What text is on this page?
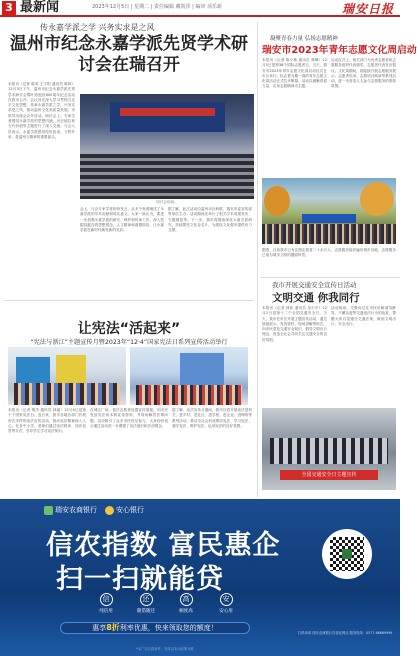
3 最新闻	2023年12月5日 | 星期二 | 责任编辑 戴凯彤 | 编审 项乐新	瑞安日报
传永嘉学派之学 兴务实求是之风
温州市纪念永嘉学派先贤学术研讨会在瑞召开
本报讯（记者 陈英 王宇阳 通讯员 陈炜）12月3日下午，温州市纪念永嘉学派先贤学术研讨会暨叶适逝世800周年纪念活动在我市召开。会议旨在深入学习贯彻习近平文化思想，传承永嘉学派之学，兴务实求是之风，推动温州文化高质量发展。市领导出席会议并讲话。研讨会上，专家学者围绕永嘉学派的思想内涵、历史地位和当代价值等主题进行了深入交流。与会人员表示，永嘉学派倡导经世致用、义利并举，是温州人精神的重要源头。
研讨会现场。
会上，与会专家学者纷纷发言，从多个角度阐述了永嘉学派的学术贡献和现实意义。大家一致认为，要进一步加强永嘉学派的研究、保护和传承工作，深入挖掘其蕴含的思想观念、人文精神和道德规范，让永嘉学派在新时代焕发新的光彩。
据了解，此次活动由温州市社科联、瑞安市委宣传部等单位主办。活动期间还举行了相关学术成果发布、专题展览等。下一步，我市将继续深化永嘉学派研究，持续擦亮文化金名片，为建设文化强市提供有力支撑。
凝聚青春力量 弘扬志愿精神
瑞安市2023年青年志愿文化周启动
本报讯（记者 陈小敏 通讯员 林琳）12月5日是第38个国际志愿者日。当天，瑞安市2023年青年志愿文化周启动仪式在市区举行，标志着为期一周的青年志愿文化周活动正式拉开帷幕。活动以凝聚青春力量、弘扬志愿精神为主题。
启动仪式上，相关部门为优秀志愿者和志愿服务组织代表颁奖，志愿者代表发出倡议。文化周期间，将陆续开展志愿服务展示、志愿者培训、志愿项目路演等系列活动，进一步营造人人参与志愿服务的浓厚氛围。
据悉，目前我市已有注册志愿者二十余万人，志愿服务组织遍布城乡各地，志愿服务已成为城市文明的靓丽风景。
我市开展交通安全宣传日活动
文明交通 你我同行
本报讯（记者 林伟 通讯员 吴小平）12月2日是第十二个全国交通安全日。当天，我市在市区开展主题宣传活动，通过展板展示、发放资料、现场讲解等形式，向市民普及交通安全知识，倡导文明出行理念，营造全社会共同关注交通安全的良好氛围。
活动现场，交警向过往市民讲解酒驾醉驾、不戴头盔等交通违法行为的危害，提醒大家自觉遵守交通法规，做到文明出行、安全出行。
全国交通安全日主题宣传
让宪法“活起来”
“宪法与浙江”主题宣传月暨2023年“12·4”国家宪法日系列宣传活动举行
本报讯（记者 胡杰 通讯员 林丽）12月4日是第十个国家宪法日。连日来，我市各地各部门开展形式多样的宪法宣传活动，推动宪法精神深入人心。在各中小学，老师们通过宪法晨读、知识竞答等方式，引导学生学习宪法知识。
在城区广场，普法志愿者设置宣传展板，向市民发放宪法读本和宣传资料，并现场解答法律问题。活动吸引了众多市民驻足参与，大家纷纷表示通过活动进一步增强了宪法意识和法治观念。
据了解，宪法宣传月期间，我市还将开展宪法进机关、进乡村、进社区、进学校、进企业、进网络等系列活动，推动全社会形成尊崇宪法、学习宪法、遵守宪法、维护宪法、运用宪法的良好氛围。
瑞安农商银行	安心银行
信农指数 富民惠企
扫一扫就能贷
信
纯信用
还
随借随还
高
额度高
安
安心用
惠享8折利率优惠，快来领取您的额度！
扫码申请 瑞安农商银行各营业网点 服务热线：0577-66669999
*本广告仅供参考，具体以本行政策为准
